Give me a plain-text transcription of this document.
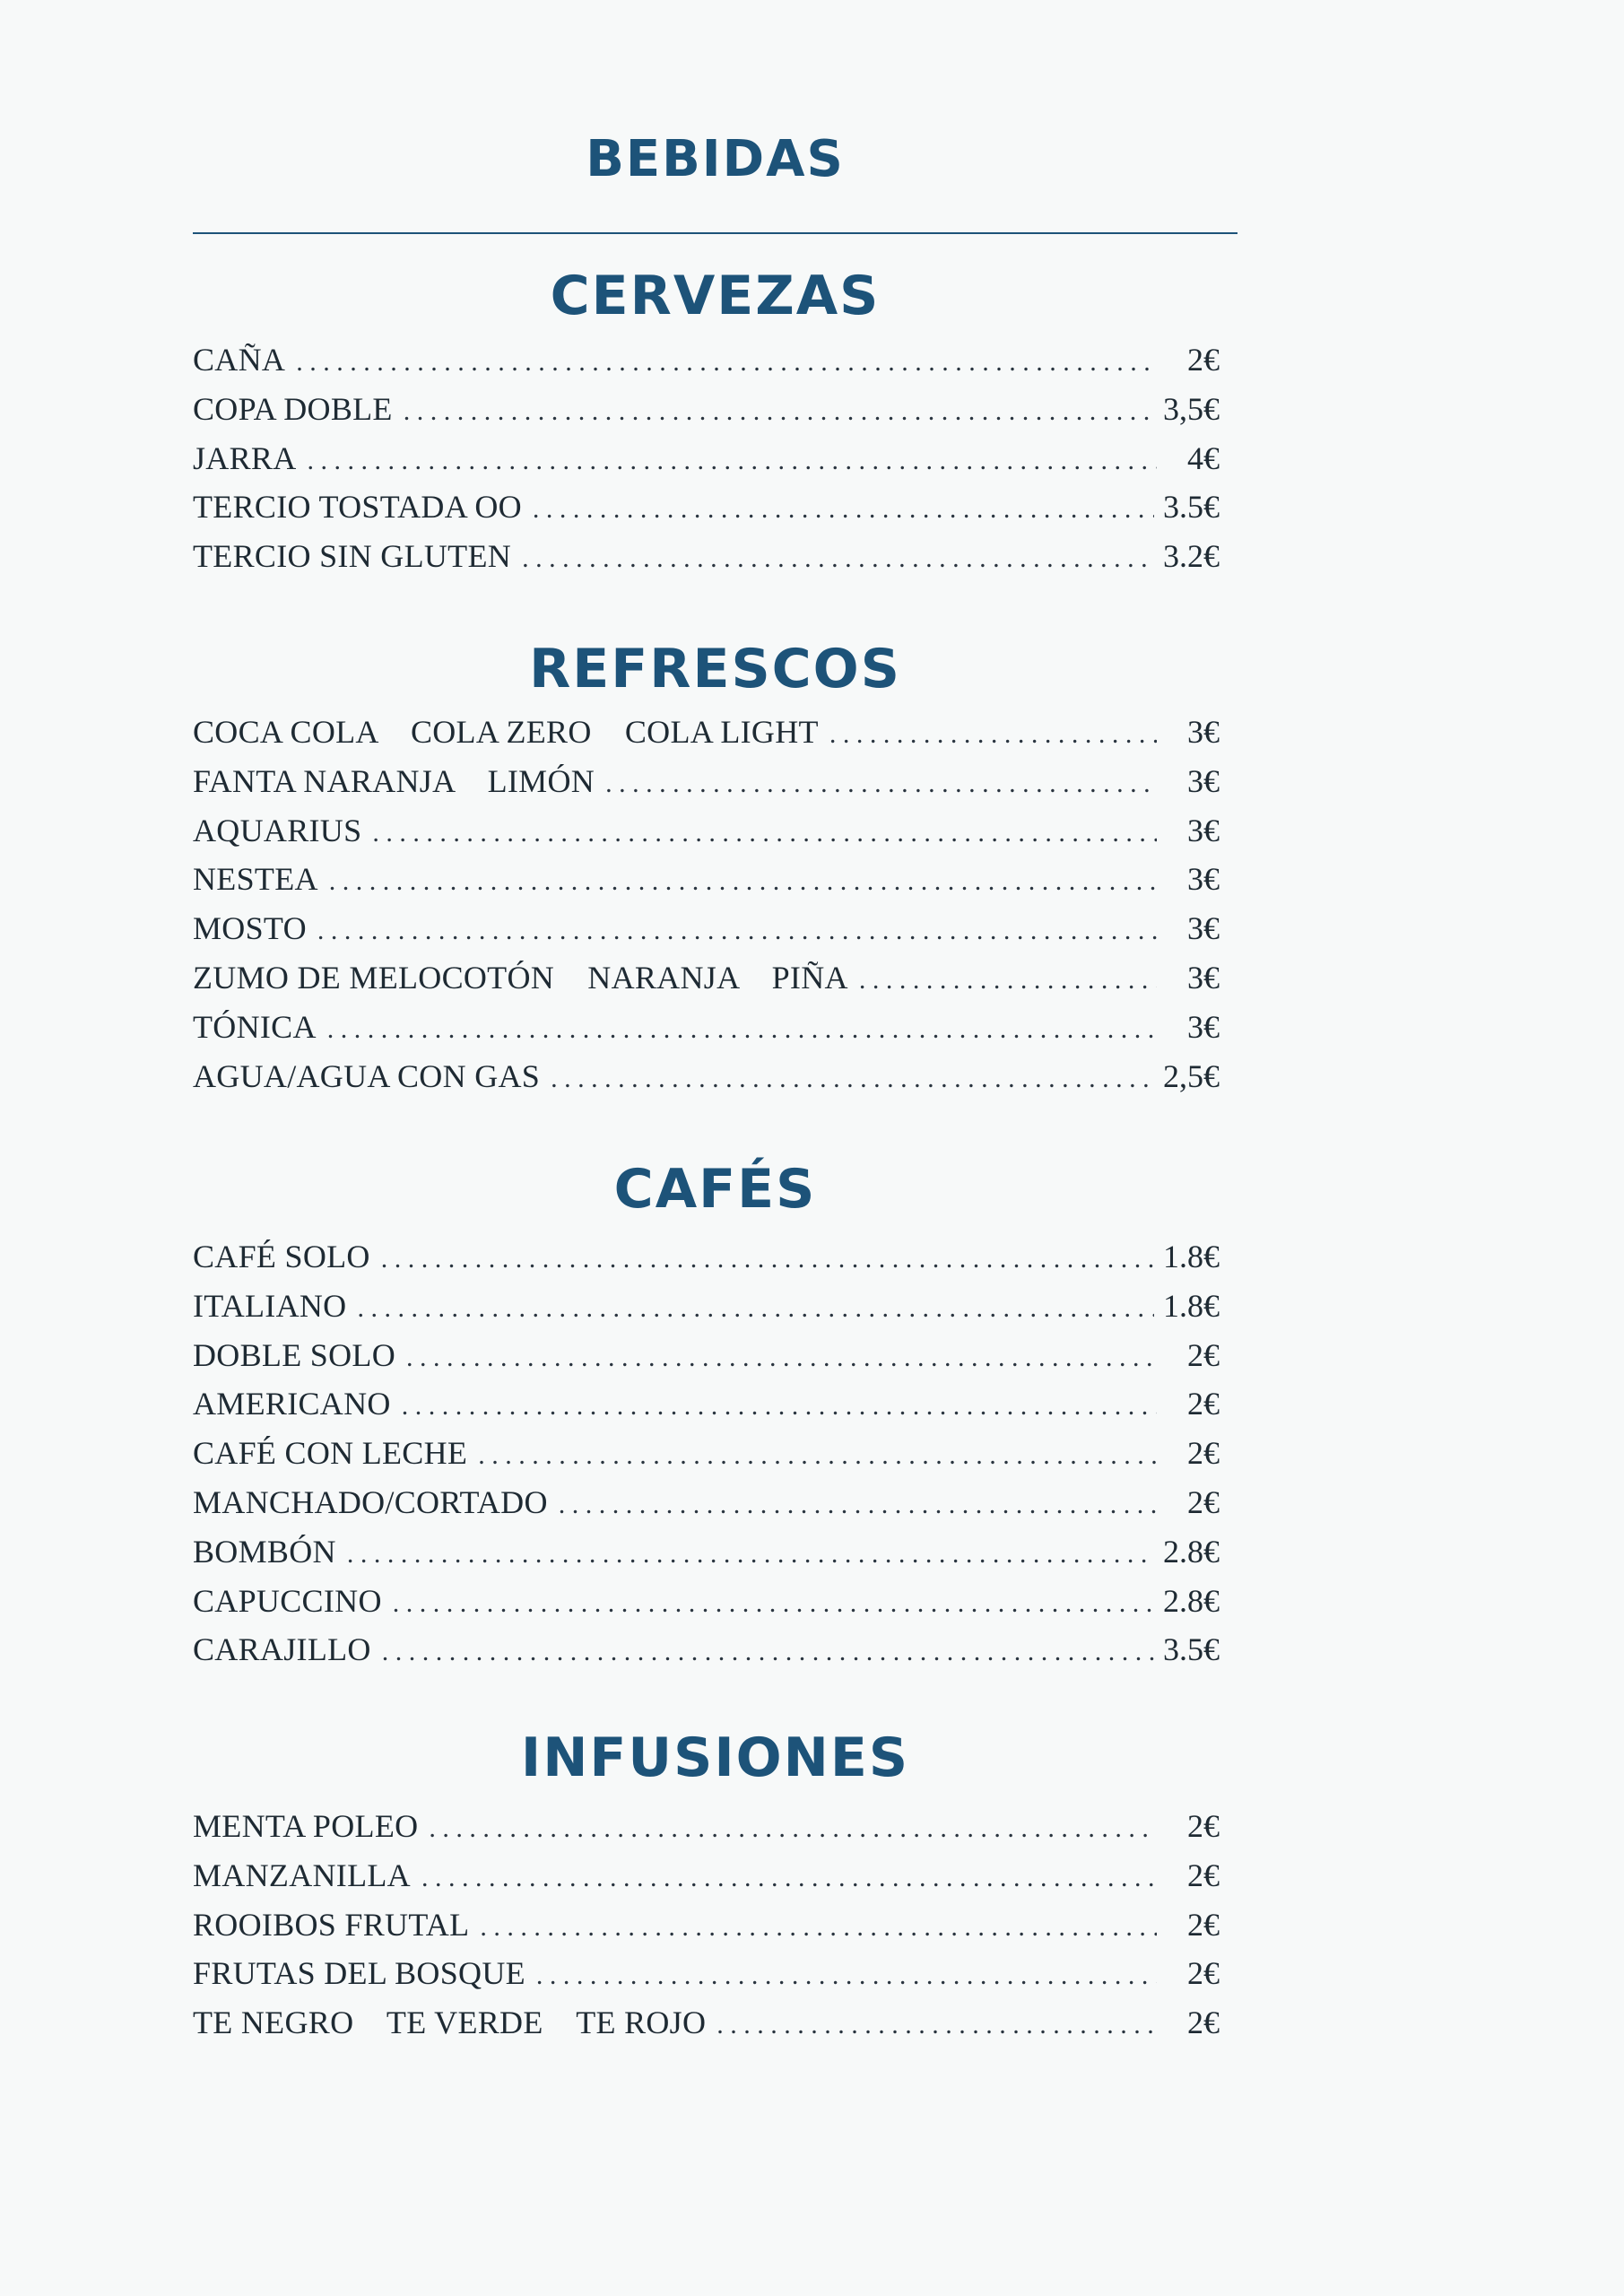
BEBIDAS
CERVEZAS
CAÑA . . .	2€
COPA DOBLE . . .	3,5€
JARRA . . .	4€
TERCIO TOSTADA OO . . .	3.5€
TERCIO SIN GLUTEN . . .	3.2€
REFRESCOS
COCA COLA    COLA ZERO    COLA LIGHT . . .	3€
FANTA NARANJA    LIMÓN . . .	3€
AQUARIUS . . .	3€
NESTEA . . .	3€
MOSTO . . .	3€
ZUMO DE MELOCOTÓN    NARANJA    PIÑA . . .	3€
TÓNICA . . .	3€
AGUA/AGUA CON GAS . . .	2,5€
CAFÉS
CAFÉ SOLO . . .	1.8€
ITALIANO . . .	1.8€
DOBLE SOLO . . .	2€
AMERICANO . . .	2€
CAFÉ CON LECHE . . .	2€
MANCHADO/CORTADO . . .	2€
BOMBÓN . . .	2.8€
CAPUCCINO . . .	2.8€
CARAJILLO . . .	3.5€
INFUSIONES
MENTA POLEO . . .	2€
MANZANILLA . . .	2€
ROOIBOS FRUTAL . . .	2€
FRUTAS DEL BOSQUE . . .	2€
TE NEGRO    TE VERDE    TE ROJO . . .	2€
